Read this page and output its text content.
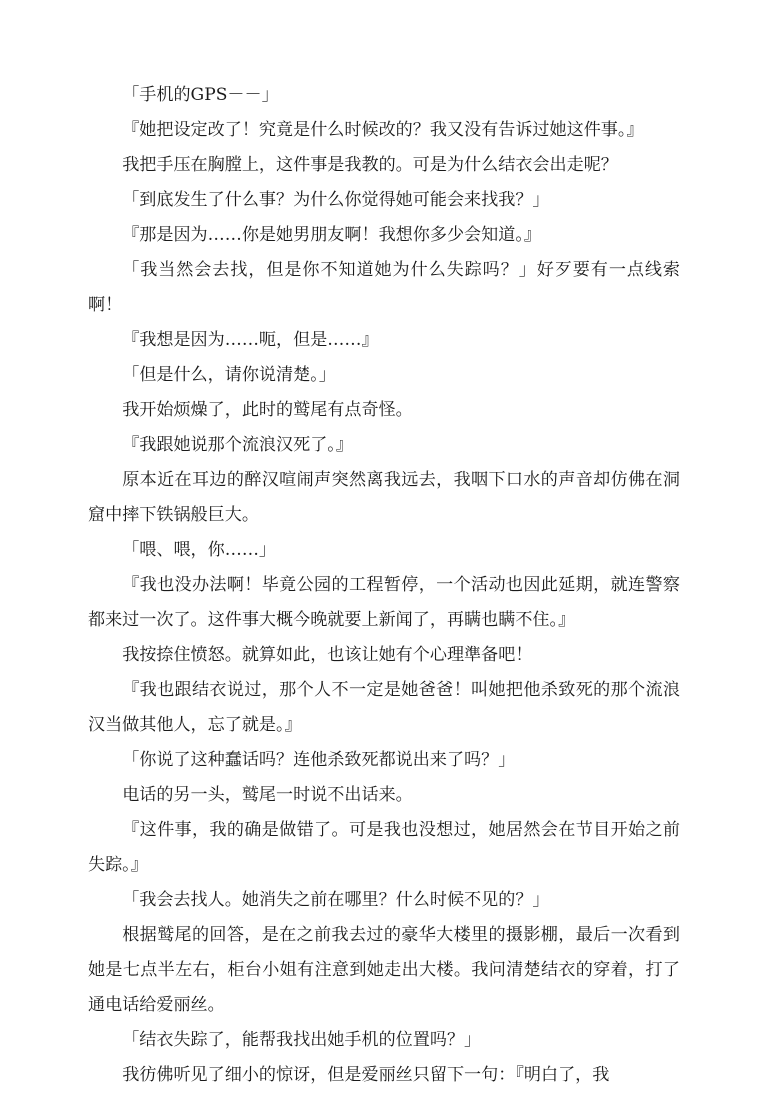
「手机的GPS－－」

『她把设定改了！究竟是什么时候改的？我又没有告诉过她这件事。』

我把手压在胸膛上，这件事是我教的。可是为什么结衣会出走呢？

「到底发生了什么事？为什么你觉得她可能会来找我？」

『那是因为……你是她男朋友啊！我想你多少会知道。』

「我当然会去找，但是你不知道她为什么失踪吗？」好歹要有一点线索啊！

『我想是因为……呃，但是……』

「但是什么，请你说清楚。」

我开始烦燥了，此时的鹫尾有点奇怪。

『我跟她说那个流浪汉死了。』

原本近在耳边的醉汉喧闹声突然离我远去，我咽下口水的声音却仿佛在洞窟中摔下铁锅般巨大。

「喂、喂，你……」

『我也没办法啊！毕竟公园的工程暂停，一个活动也因此延期，就连警察都来过一次了。这件事大概今晚就要上新闻了，再瞒也瞒不住。』

我按捺住愤怒。就算如此，也该让她有个心理準备吧！

『我也跟结衣说过，那个人不一定是她爸爸！叫她把他杀致死的那个流浪汉当做其他人，忘了就是。』

「你说了这种蠢话吗？连他杀致死都说出来了吗？」

电话的另一头，鹫尾一时说不出话来。

『这件事，我的确是做错了。可是我也没想过，她居然会在节目开始之前失踪。』

「我会去找人。她消失之前在哪里？什么时候不见的？」

根据鹫尾的回答，是在之前我去过的豪华大楼里的摄影棚，最后一次看到她是七点半左右，柜台小姐有注意到她走出大楼。我问清楚结衣的穿着，打了通电话给爱丽丝。

「结衣失踪了，能帮我找出她手机的位置吗？」

我彷佛听见了细小的惊讶，但是爱丽丝只留下一句：『明白了，我
